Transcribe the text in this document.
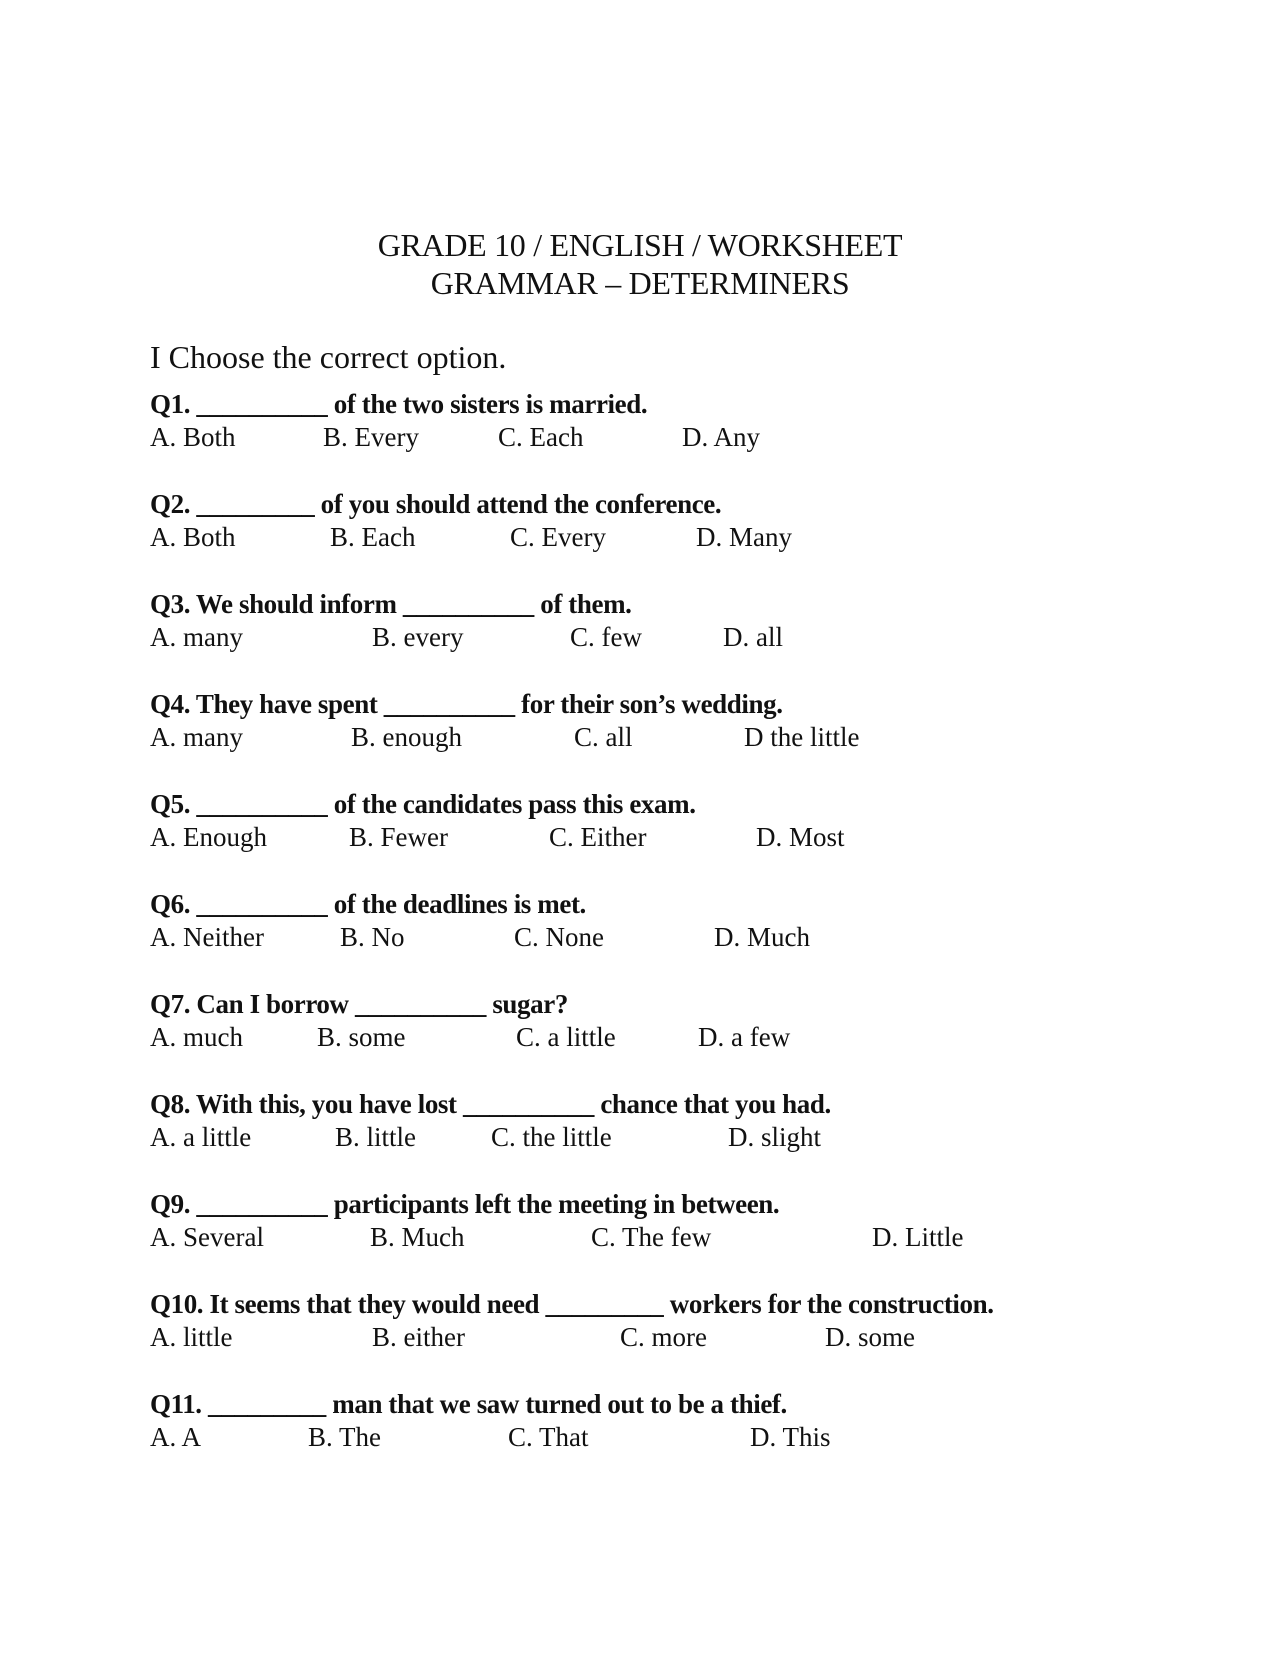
GRADE 10 / ENGLISH / WORKSHEET
GRAMMAR – DETERMINERS
I Choose the correct option.
Q1. __________ of the two sisters is married.
A. Both	B. Every	C. Each	D. Any
Q2. _________ of you should attend the conference.
A. Both	B. Each	C. Every	D. Many
Q3. We should inform __________ of them.
A. many	B. every	C. few	D. all
Q4. They have spent __________ for their son’s wedding.
A. many	B. enough	C. all	D the little
Q5. __________ of the candidates pass this exam.
A. Enough	B. Fewer	C. Either	D. Most
Q6. __________ of the deadlines is met.
A. Neither	B. No	C. None	D. Much
Q7. Can I borrow __________ sugar?
A. much	B. some	C. a little	D. a few
Q8. With this, you have lost __________ chance that you had.
A. a little	B. little	C. the little	D. slight
Q9. __________ participants left the meeting in between.
A. Several	B. Much	C. The few	D. Little
Q10. It seems that they would need _________ workers for the construction.
A. little	B. either	C. more	D. some
Q11. _________ man that we saw turned out to be a thief.
A. A	B. The	C. That	D. This
